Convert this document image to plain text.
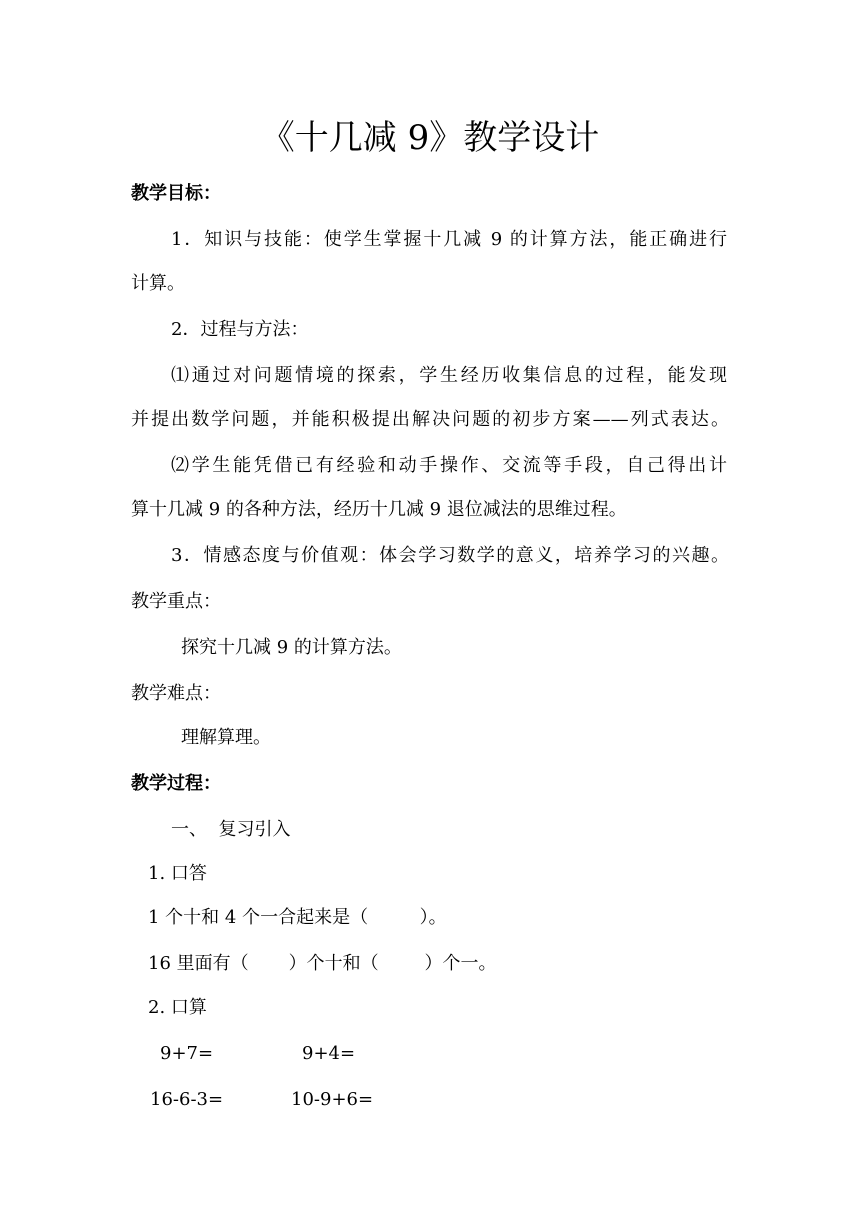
《十几减 9》教学设计
教学目标：
1．知识与技能：使学生掌握十几减 9 的计算方法，能正确进行
计算。
2．过程与方法：
⑴通过对问题情境的探索，学生经历收集信息的过程，能发现
并提出数学问题，并能积极提出解决问题的初步方案——列式表达。
⑵学生能凭借已有经验和动手操作、交流等手段，自己得出计
算十几减 9 的各种方法，经历十几减 9 退位减法的思维过程。
3．情感态度与价值观：体会学习数学的意义，培养学习的兴趣。
教学重点：
探究十几减 9 的计算方法。
教学难点：
理解算理。
教学过程：
一、  复习引入
1. 口答
1 个十和 4 个一合起来是（         ）。
16 里面有（       ）个十和（        ）个一。
2. 口算
9+7=	9+4=
16-6-3=	10-9+6=
